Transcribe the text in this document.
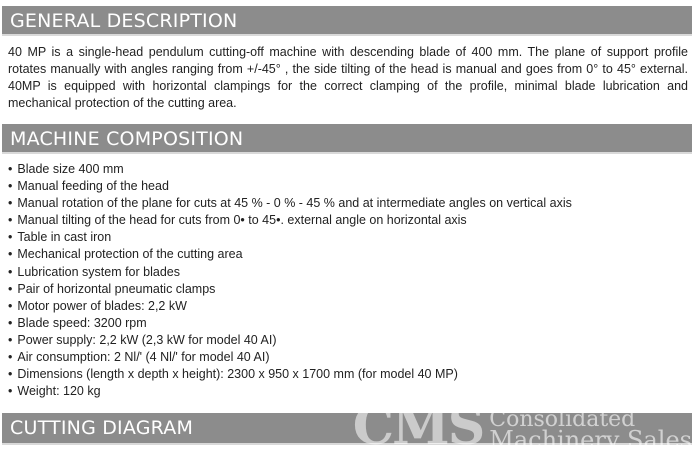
GENERAL DESCRIPTION

40 MP is a single-head pendulum cutting-off machine with descending blade of 400 mm. The plane of support profile rotates manually with angles ranging from +/-45° , the side tilting of the head is manual and goes from 0° to 45° external. 40MP is equipped with horizontal clampings for the correct clamping of the profile, minimal blade lubrication and mechanical protection of the cutting area.

MACHINE COMPOSITION
• Blade size 400 mm
• Manual feeding of the head
• Manual rotation of the plane for cuts at 45 % - 0 % - 45 % and at intermediate angles on vertical axis
• Manual tilting of the head for cuts from 0• to 45•. external angle on horizontal axis
• Table in cast iron
• Mechanical protection of the cutting area
• Lubrication system for blades
• Pair of horizontal pneumatic clamps
• Motor power of blades: 2,2 kW
• Blade speed: 3200 rpm
• Power supply: 2,2 kW (2,3 kW for model 40 AI)
• Air consumption: 2 Nl/' (4 Nl/' for model 40 AI)
• Dimensions (length x depth x height): 2300 x 950 x 1700 mm (for model 40 MP)
• Weight: 120 kg
CUTTING DIAGRAM	CMS Consolidated
Machinery Sales
